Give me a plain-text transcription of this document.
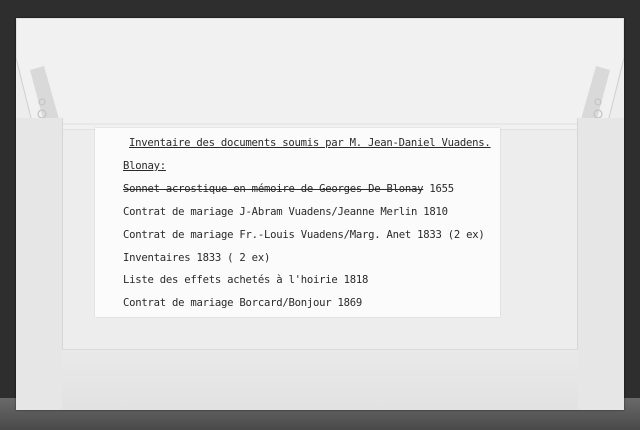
Inventaire des documents soumis par M. Jean-Daniel Vuadens.
Blonay:
Sonnet acrostique en mémoire de Georges De Blonay 1655
Contrat de mariage J-Abram Vuadens/Jeanne Merlin 1810
Contrat de mariage Fr.-Louis Vuadens/Marg. Anet 1833 (2 ex)
Inventaires 1833 ( 2 ex)
Liste des effets achetés à l'hoirie 1818
Contrat de mariage Borcard/Bonjour 1869
